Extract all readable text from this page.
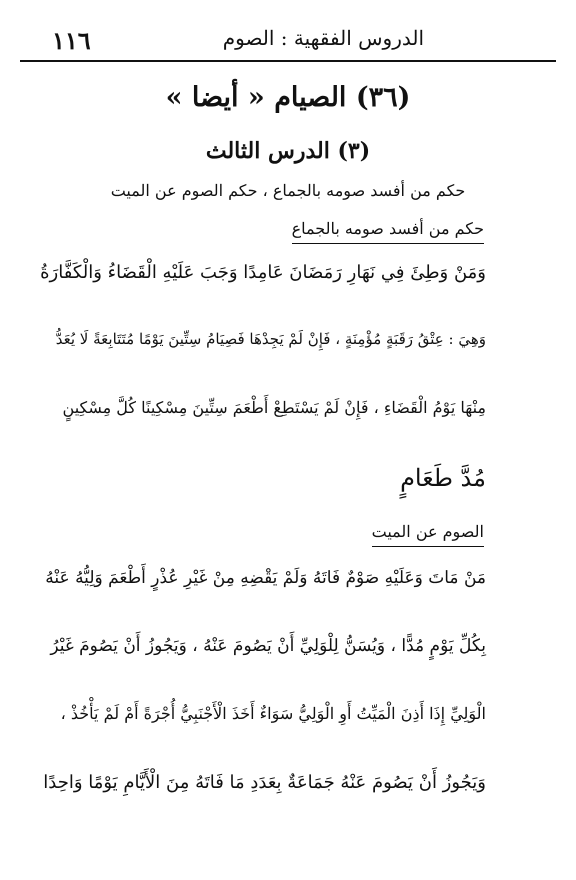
١١٦	الدروس الفقهية : الصوم
(٣٦) الصيام « أيضا »
(٣) الدرس الثالث
حكم من أفسد صومه بالجماع ، حكم الصوم عن الميت
حكم من أفسد صومه بالجماع
وَمَنْ وَطِئَ فِي نَهَارِ رَمَضَانَ عَامِدًا وَجَبَ عَلَيْهِ الْقَضَاءُ وَالْكَفَّارَةُ
وَهِيَ : عِتْقُ رَقَبَةٍ مُؤْمِنَةٍ ، فَإِنْ لَمْ يَجِدْهَا فَصِيَامُ سِتِّينَ يَوْمًا مُتَتَابِعَةً لَا يُعَدُّ
مِنْهَا يَوْمُ الْقَضَاءِ ، فَإِنْ لَمْ يَسْتَطِعْ أَطْعَمَ سِتِّينَ مِسْكِينًا كُلَّ مِسْكِينٍ
مُدَّ طَعَامٍ
الصوم عن الميت
مَنْ مَاتَ وَعَلَيْهِ صَوْمٌ فَاتَهُ وَلَمْ يَقْضِهِ مِنْ غَيْرِ عُذْرٍ أَطْعَمَ وَلِيُّهُ عَنْهُ
بِكُلِّ يَوْمٍ مُدًّا ، وَيُسَنُّ لِلْوَلِيِّ أَنْ يَصُومَ عَنْهُ ، وَيَجُوزُ أَنْ يَصُومَ غَيْرُ
الْوَلِيِّ إِذَا أَذِنَ الْمَيِّتُ أَوِ الْوَلِيُّ سَوَاءٌ أَخَذَ الْأَجْنَبِيُّ أُجْرَةً أَمْ لَمْ يَأْخُذْ ،
وَيَجُوزُ أَنْ يَصُومَ عَنْهُ جَمَاعَةٌ بِعَدَدِ مَا فَاتَهُ مِنَ الْأَيَّامِ يَوْمًا وَاحِدًا
